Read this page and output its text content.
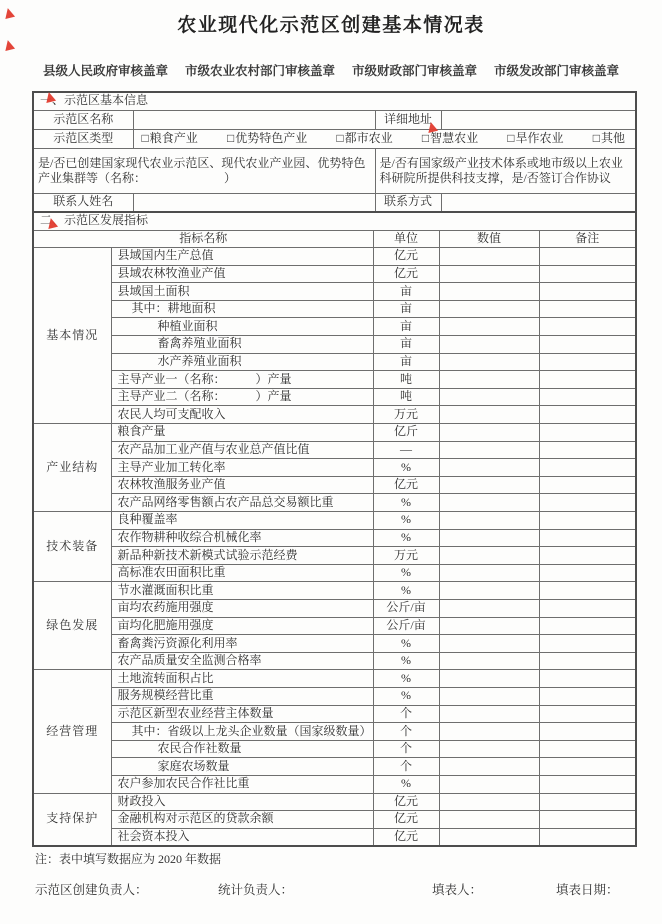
农业现代化示范区创建基本情况表
县级人民政府审核盖章 市级农业农村部门审核盖章 市级财政部门审核盖章 市级发改部门审核盖章
一、示范区基本信息			
示范区名称		详细地址	
示范区类型	□粮食产业 □优势特色产业 □都市农业 □智慧农业 □旱作农业 □其他

是/否已创建国家现代农业示范区、现代农业产业园、优势特色产业集群等（名称：　　　　　　　）		是/否有国家级产业技术体系或地市级以上农业科研院所提供科技支撑，是/否签订合作协议	
联系人姓名		联系方式	
二、示范区发展指标				
指标名称		单位	数值	备注
基本情况	县域国内生产总值	亿元		
	县域农林牧渔业产值	亿元		
	县域国土面积	亩		
	其中：耕地面积	亩		
	种植业面积	亩		
	畜禽养殖业面积	亩		
	水产养殖业面积	亩		
	主导产业一（名称：　　　）产量	吨		
	主导产业二（名称：　　　）产量	吨		
	农民人均可支配收入	万元		
产业结构	粮食产量	亿斤		
	农产品加工业产值与农业总产值比值	—		
	主导产业加工转化率	%		
	农林牧渔服务业产值	亿元		
	农产品网络零售额占农产品总交易额比重	%		
技术装备	良种覆盖率	%		
	农作物耕种收综合机械化率	%		
	新品种新技术新模式试验示范经费	万元		
	高标准农田面积比重	%		
绿色发展	节水灌溉面积比重	%		
	亩均农药施用强度	公斤/亩		
	亩均化肥施用强度	公斤/亩		
	畜禽粪污资源化利用率	%		
	农产品质量安全监测合格率	%		
经营管理	土地流转面积占比	%		
	服务规模经营比重	%		
	示范区新型农业经营主体数量	个		
	其中：省级以上龙头企业数量（国家级数量）	个		
	农民合作社数量	个		
	家庭农场数量	个		
	农户参加农民合作社比重	%		
支持保护	财政投入	亿元		
	金融机构对示范区的贷款余额	亿元		
	社会资本投入	亿元		
注：表中填写数据应为 2020 年数据
示范区创建负责人：	统计负责人：	填表人：	填表日期：
